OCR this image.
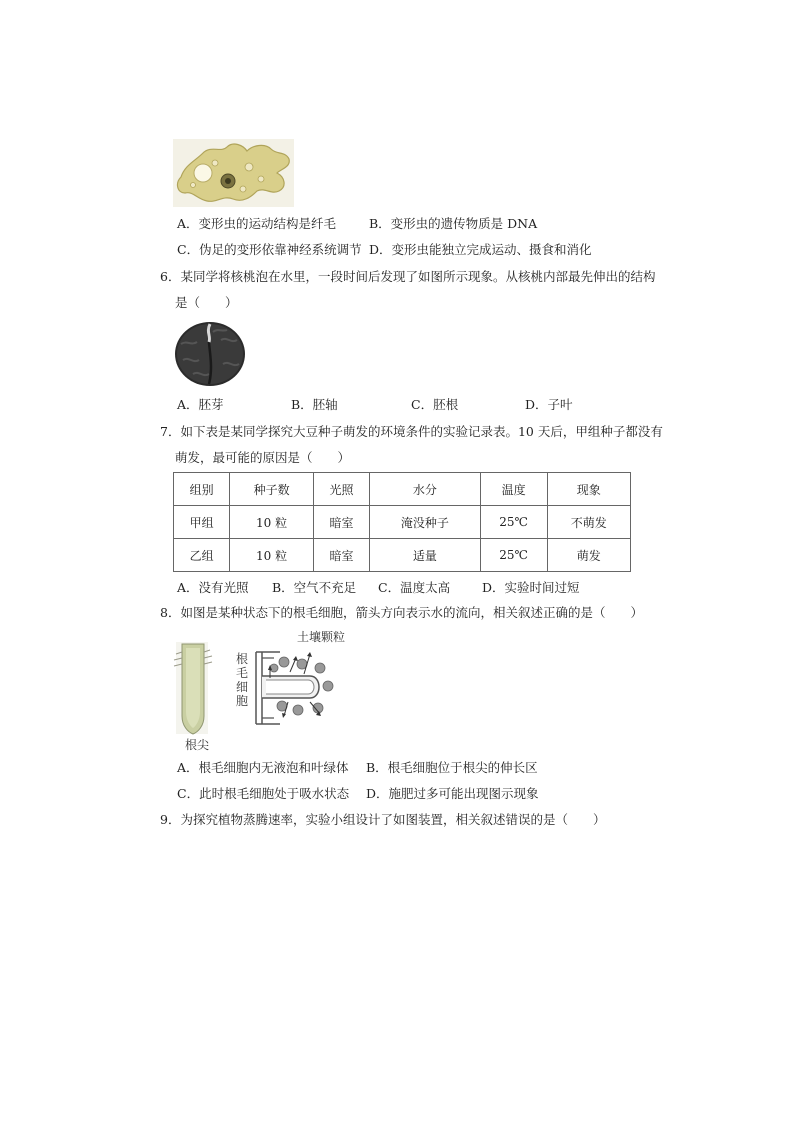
A．变形虫的运动结构是纤毛	B．变形虫的遗传物质是 DNA
C．伪足的变形依靠神经系统调节 D．变形虫能独立完成运动、摄食和消化
6．某同学将核桃泡在水里，一段时间后发现了如图所示现象。从核桃内部最先伸出的结构
是（　　）
A．胚芽	B．胚轴	C．胚根	D．子叶
7．如下表是某同学探究大豆种子萌发的环境条件的实验记录表。10 天后，甲组种子都没有
萌发，最可能的原因是（　　）
组别	种子数	光照	水分	温度	现象
甲组	10 粒	暗室	淹没种子	25℃	不萌发
乙组	10 粒	暗室	适量	25℃	萌发
A．没有光照 B．空气不充足 C．温度太高	D．实验时间过短
8．如图是某种状态下的根毛细胞，箭头方向表示水的流向，相关叙述正确的是（　　）
土壤颗粒
根
毛
细
胞
根尖
A．根毛细胞内无液泡和叶绿体 B．根毛细胞位于根尖的伸长区
C．此时根毛细胞处于吸水状态 D．施肥过多可能出现图示现象
9．为探究植物蒸腾速率，实验小组设计了如图装置，相关叙述错误的是（　　）
